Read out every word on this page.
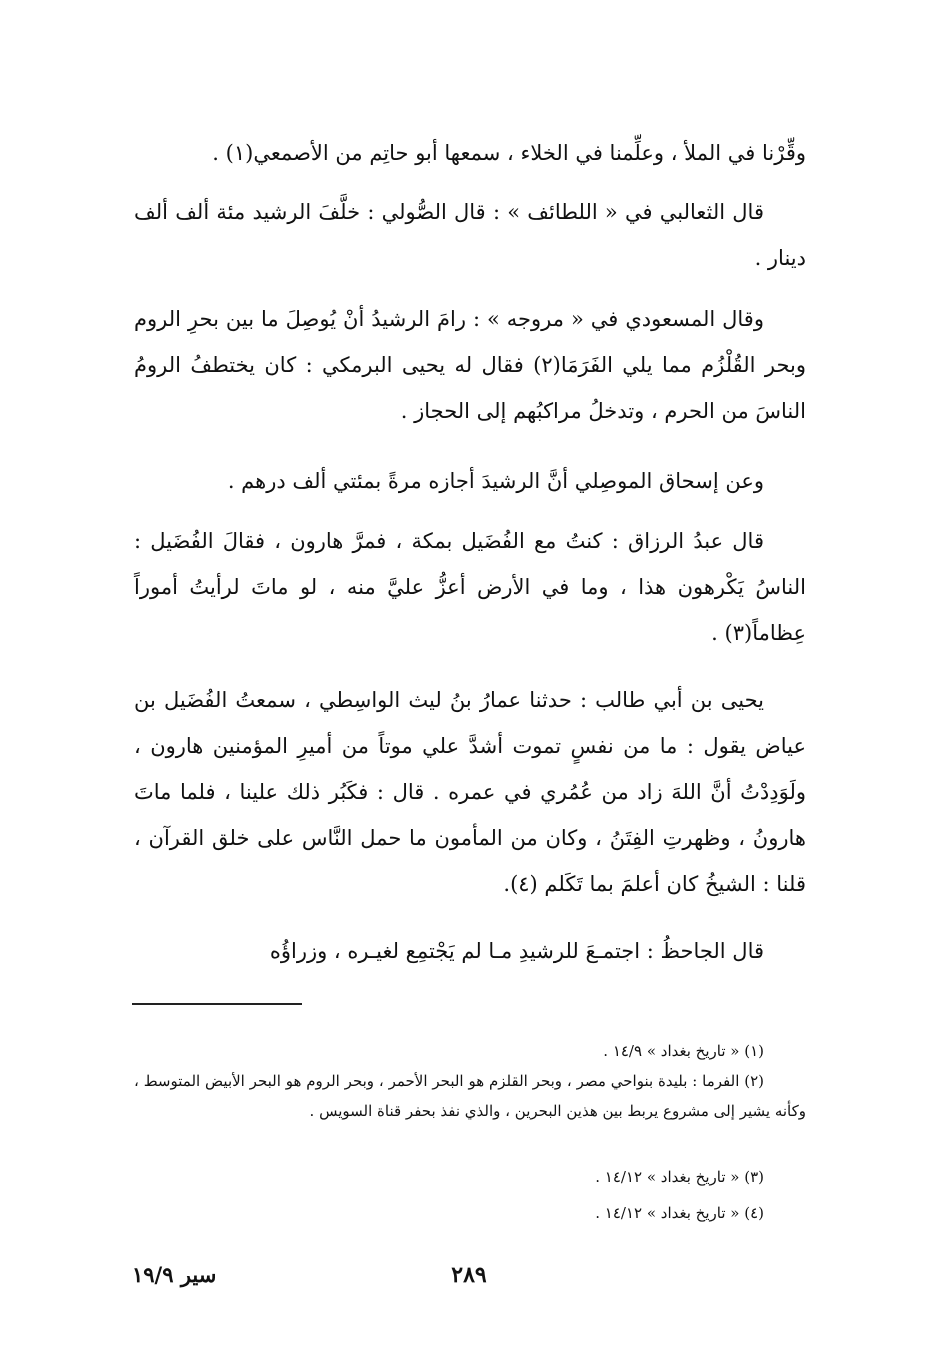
وقِّرْنا في الملأ ، وعلِّمنا في الخلاء ، سمعها أبو حاتِم من الأصمعي(١) .

قال الثعالبي في « اللطائف » : قال الصُّولي : خلَّفَ الرشيد مئة ألف ألف دينار .

وقال المسعودي في « مروجه » : رامَ الرشيدُ أنْ يُوصِلَ ما بين بحرِ الروم وبحر القُلْزُم مما يلي الفَرَمَا(٢) فقال له يحيى البرمكي : كان يختطفُ الرومُ الناسَ من الحرم ، وتدخلُ مراكبُهم إلى الحجاز .

وعن إسحاق الموصِلي أنَّ الرشيدَ أجازه مرةً بمئتي ألف درهم .

قال عبدُ الرزاق : كنتُ مع الفُضَيل بمكة ، فمرَّ هارون ، فقالَ الفُضَيل : الناسُ يَكْرهون هذا ، وما في الأرض أعزُّ عليَّ منه ، لو ماتَ لرأيتُ أموراً عِظاماً(٣) .

يحيى بن أبي طالب : حدثنا عمارُ بنُ ليث الواسِطي ، سمعتُ الفُضَيل بن عياض يقول : ما من نفسٍ تموت أشدَّ علي موتاً من أميرِ المؤمنين هارون ، ولَوَدِدْتُ أنَّ اللهَ زاد من عُمُري في عمره . قال : فكَبُر ذلك علينا ، فلما ماتَ هارونُ ، وظهرتِ الفِتَنُ ، وكان من المأمون ما حمل النَّاس على خلق القرآن ، قلنا : الشيخُ كان أعلمَ بما تَكَلم (٤).

قال الجاحظُ : اجتمـعَ للرشيدِ مـا لم يَجْتمِع لغيـره ، وزراؤُه

(١) « تاريخ بغداد » ١٤/٩ .

(٢) الفرما : بليدة بنواحي مصر ، وبحر القلزم هو البحر الأحمر ، وبحر الروم هو البحر الأبيض المتوسط ، وكأنه يشير إلى مشروع يربط بين هذين البحرين ، والذي نفذ بحفر قناة السويس .

(٣) « تاريخ بغداد » ١٤/١٢ .

(٤) « تاريخ بغداد » ١٤/١٢ .

٢٨٩
سير ١٩/٩
